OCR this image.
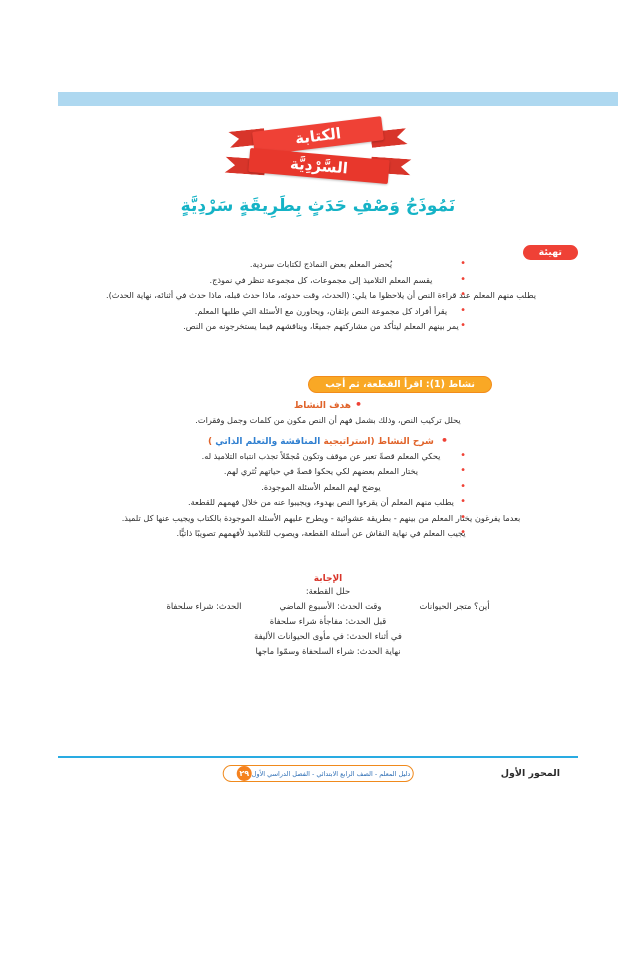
الكتابة
السَّرْدِيَّة
نَمُوذَجُ وَصْفِ حَدَثٍ بِطَرِيقَةٍ سَرْدِيَّةٍ
تهيئة
• يُحضر المعلم بعض النماذج لكتابات سردية.
• يقسم المعلم التلاميذ إلى مجموعات، كل مجموعة تنظر في نموذج.
• يطلب منهم المعلم عند قراءة النص أن يلاحظوا ما يلي: (الحدث، وقت حدوثه، ماذا حدث قبله، ماذا حدث في أثنائه، نهاية الحدث).
• يقرأ أفراد كل مجموعة النص بإتقان، ويحاورن مع الأسئلة التي طلبها المعلم.
• يمر بينهم المعلم ليتأكد من مشاركتهم جميعًا، ويناقشهم فيما يستخرجونه من النص.
نشاط (1): اقرأ القطعة، ثم أجب
• هدف النشاط
يحلل تركيب النص، وذلك بشمل فهم أن النص مكون من كلمات وجمل وفقرات.
• شرح النشاط (استراتيجية المناقشة والتعلم الذاتي )
• يحكي المعلم قصةً تعبر عن موقف وتكون مُجمّلاً تجذب انتباه التلاميذ له.
• يختار المعلم بعضهم لكي يحكوا قصةً في حياتهم تُثري لهم.
• يوضح لهم المعلم الأسئلة الموجودة.
• يطلب منهم المعلم أن يقرءوا النص بهدوء، ويجيبوا عنه من خلال فهمهم للقطعة.
• بعدما يفرغون يختار المعلم من بينهم - بطريقة عشوائية - ويطرح عليهم الأسئلة الموجودة بالكتاب ويجيب عنها كل تلميذ.
• يجيب المعلم في نهاية النقاش عن أسئلة القطعة، ويصوب للتلاميذ لأفهمهم تصويبًا ذاتيًّا.
الإجابة
حلل القطعة:
الحدث: شراء سلحفاة	وقت الحدث: الأسبوع الماضي	أين؟ متجر الحيوانات
قبل الحدث: مفاجأة شراء سلحفاة
في أثناء الحدث: في مأوى الحيوانات الأليفة
نهاية الحدث: شراء السلحفاة وسمّوا ماجها
المحور الأول
٢٩ دليل المعلم - الصف الرابع الابتدائي - الفصل الدراسي الأول
